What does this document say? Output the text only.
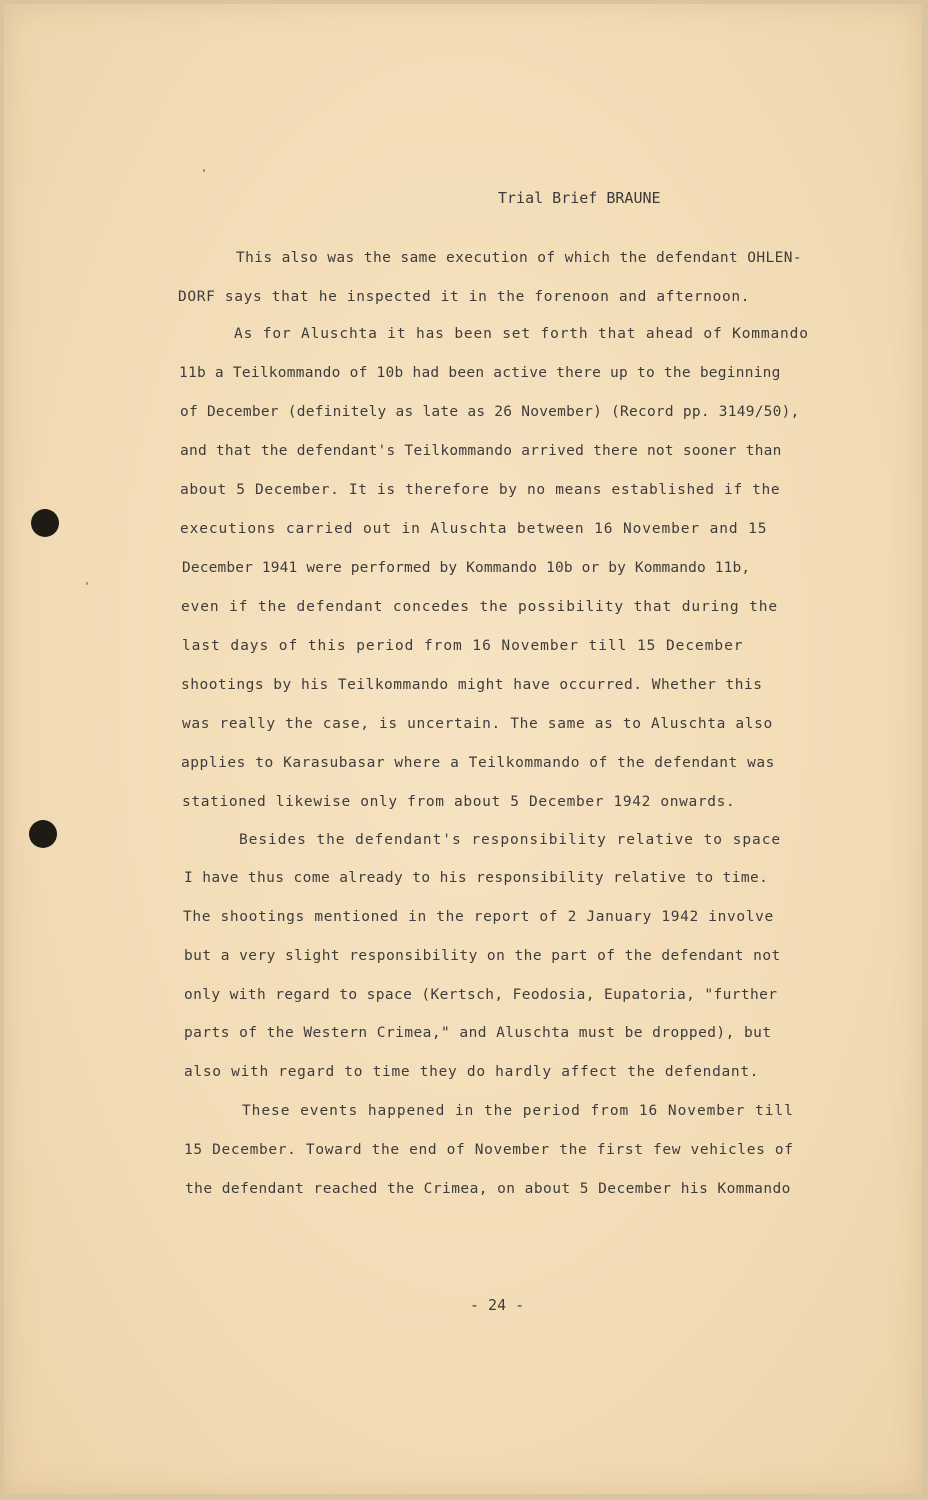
Trial Brief BRAUNE
This also was the same execution of which the defendant OHLEN-
DORF says that he inspected it in the forenoon and afternoon.
As for Aluschta it has been set forth that ahead of Kommando
11b a Teilkommando of 10b had been active there up to the beginning
of December (definitely as late as 26 November) (Record pp. 3149/50),
and that the defendant's Teilkommando arrived there not sooner than
about 5 December. It is therefore by no means established if the
executions carried out in Aluschta between 16 November and 15
December 1941 were performed by Kommando 10b or by Kommando 11b,
even if the defendant concedes the possibility that during the
last days of this period from 16 November till 15 December
shootings by his Teilkommando might have occurred. Whether this
was really the case, is uncertain. The same as to Aluschta also
applies to Karasubasar where a Teilkommando of the defendant was
stationed likewise only from about 5 December 1942 onwards.
Besides the defendant's responsibility relative to space
I have thus come already to his responsibility relative to time.
The shootings mentioned in the report of 2 January 1942 involve
but a very slight responsibility on the part of the defendant not
only with regard to space (Kertsch, Feodosia, Eupatoria, "further
parts of the Western Crimea," and Aluschta must be dropped), but
also with regard to time they do hardly affect the defendant.
These events happened in the period from 16 November till
15 December. Toward the end of November the first few vehicles of
the defendant reached the Crimea, on about 5 December his Kommando
- 24 -
